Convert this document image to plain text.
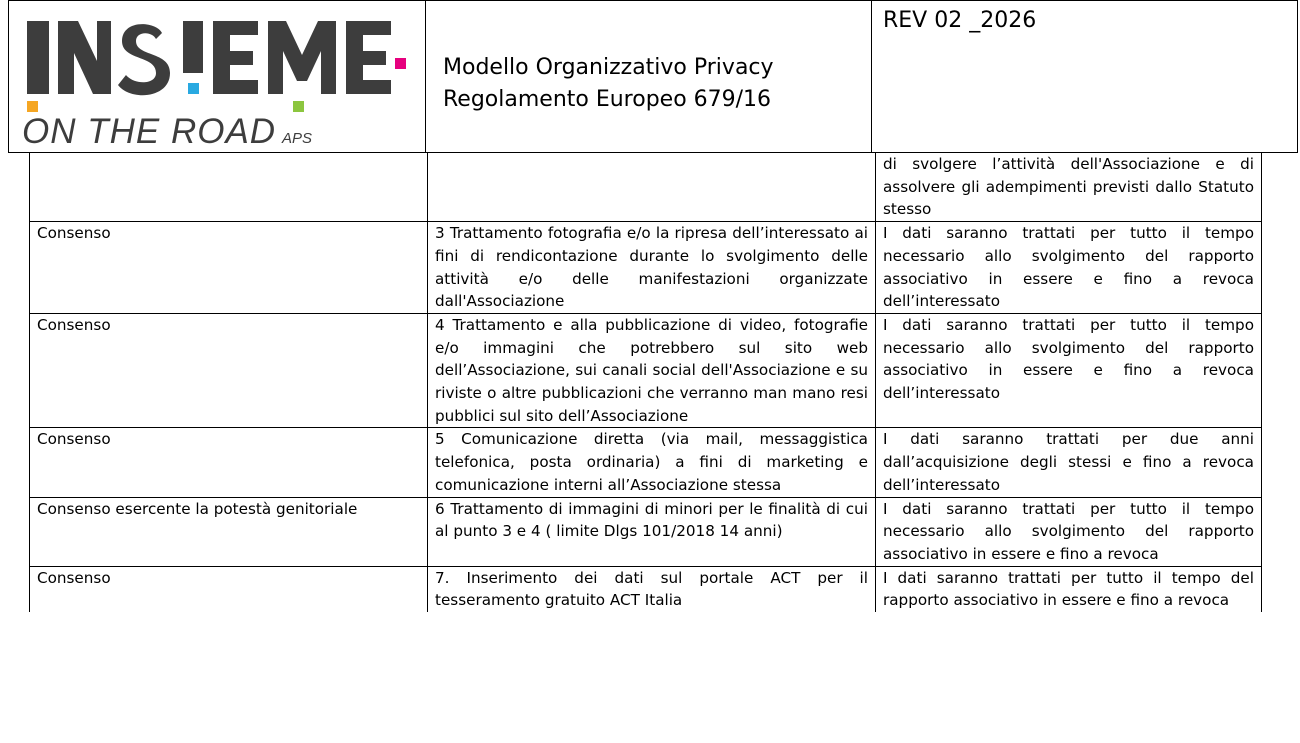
ON THE ROAD APS
Modello Organizzativo Privacy
Regolamento Europeo 679/16
REV 02 _2026
		di svolgere l’attività dell'Associazione e di assolvere gli adempimenti previsti dallo Statuto stesso
Consenso	3 Trattamento fotografia e/o la ripresa dell’interessato ai fini di rendicontazione durante lo svolgimento delle attività e/o delle manifestazioni organizzate dall'Associazione	I dati saranno trattati per tutto il tempo necessario allo svolgimento del rapporto associativo in essere e fino a revoca dell’interessato
Consenso	4 Trattamento e alla pubblicazione di video, fotografie e/o immagini che potrebbero sul sito web dell’Associazione, sui canali social dell'Associazione e su riviste o altre pubblicazioni che verranno man mano resi pubblici sul sito dell’Associazione	I dati saranno trattati per tutto il tempo necessario allo svolgimento del rapporto associativo in essere e fino a revoca dell’interessato
Consenso	5 Comunicazione diretta (via mail, messaggistica telefonica, posta ordinaria) a fini di marketing e comunicazione interni all’Associazione stessa	I dati saranno trattati per due anni dall’acquisizione degli stessi e fino a revoca dell’interessato
Consenso esercente la potestà genitoriale	6 Trattamento di immagini di minori per le finalità di cui al punto 3 e 4 ( limite Dlgs 101/2018 14 anni)	I dati saranno trattati per tutto il tempo necessario allo svolgimento del rapporto associativo in essere e fino a revoca
Consenso	7. Inserimento dei dati sul portale ACT per il tesseramento gratuito ACT Italia	I dati saranno trattati per tutto il tempo del rapporto associativo in essere e fino a revoca
